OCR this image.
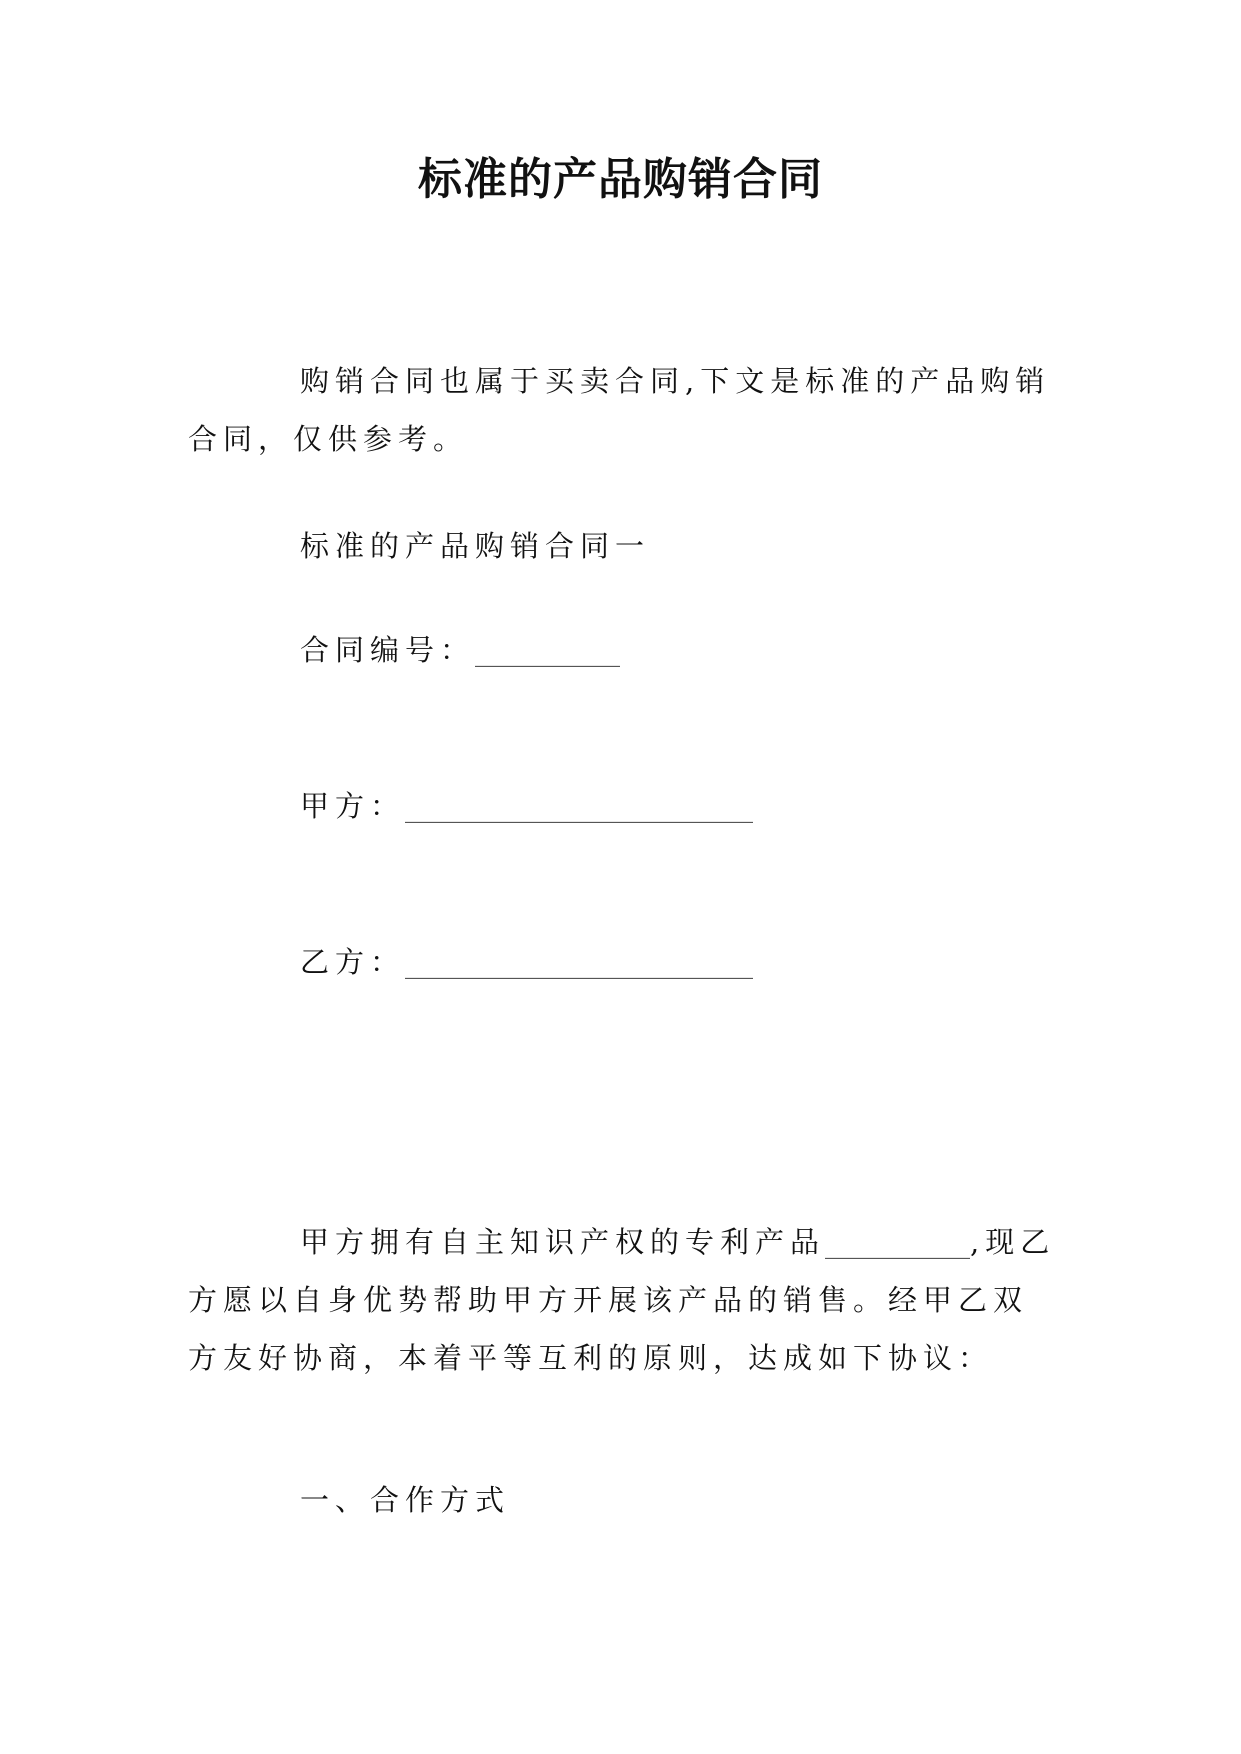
标准的产品购销合同

购销合同也属于买卖合同,下文是标准的产品购销合同，仅供参考。

标准的产品购销合同一

合同编号：__________

甲方：________________________

乙方：________________________

甲方拥有自主知识产权的专利产品__________,现乙方愿以自身优势帮助甲方开展该产品的销售。经甲乙双方友好协商，本着平等互利的原则，达成如下协议：

一、合作方式
